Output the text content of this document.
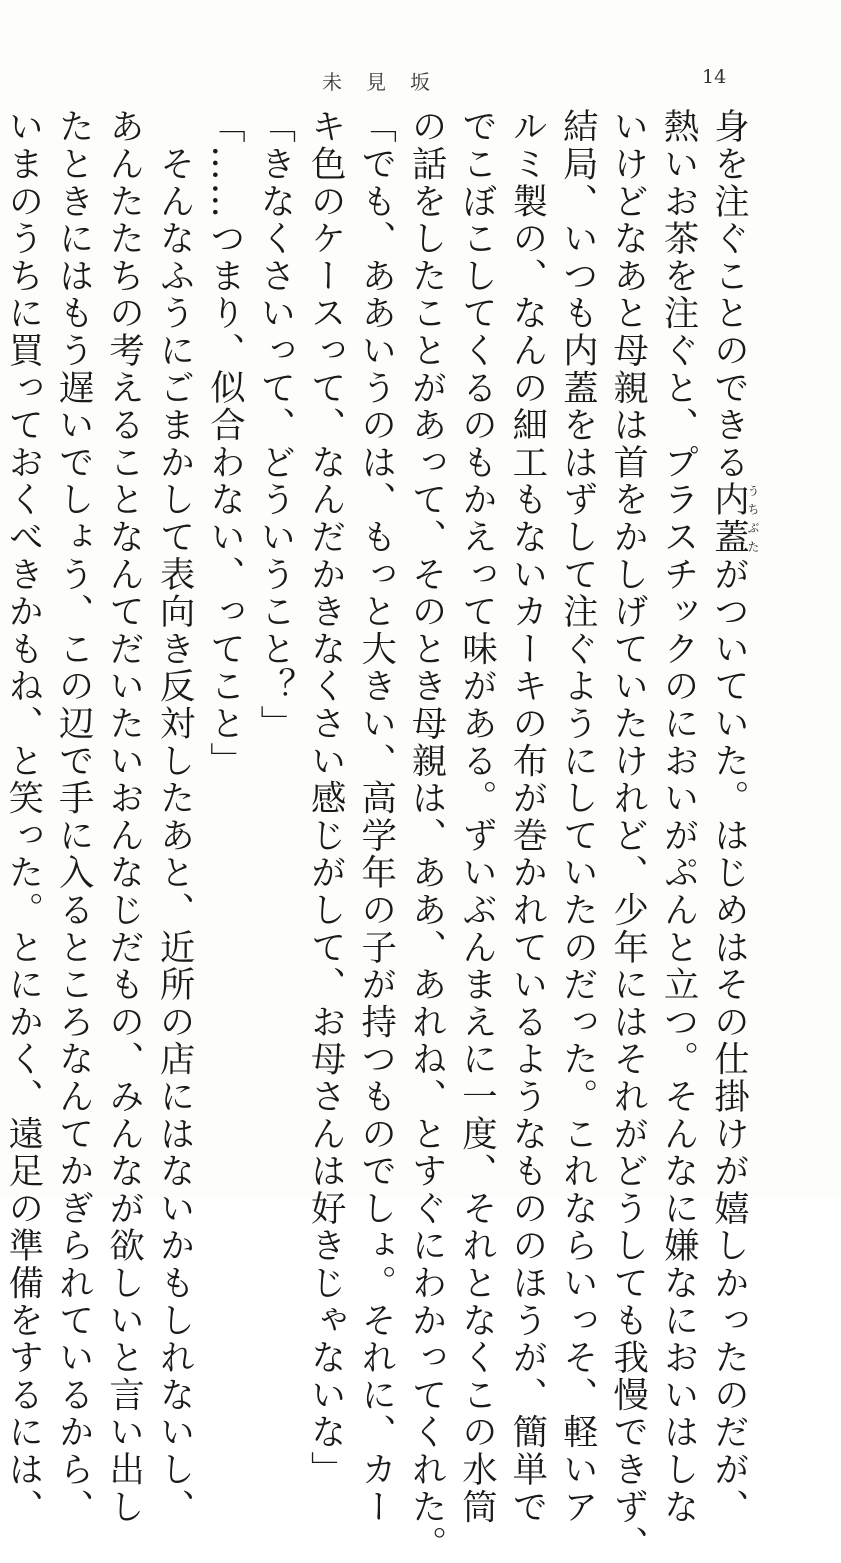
未見坂	14

身を注ぐことのできる内蓋うちぶたがついていた。はじめはその仕掛けが嬉しかったのだが、

熱いお茶を注ぐと、プラスチックのにおいがぷんと立つ。そんなに嫌なにおいはしな

いけどなあと母親は首をかしげていたけれど、少年にはそれがどうしても我慢できず、

結局、いつも内蓋をはずして注ぐようにしていたのだった。これならいっそ、軽いア

ルミ製の、なんの細工もないカーキの布が巻かれているようなもののほうが、簡単で

でこぼこしてくるのもかえって味がある。ずいぶんまえに一度、それとなくこの水筒

の話をしたことがあって、そのとき母親は、ああ、あれね、とすぐにわかってくれた。

「でも、ああいうのは、もっと大きい、高学年の子が持つものでしょ。それに、カー

キ色のケースって、なんだかきなくさい感じがして、お母さんは好きじゃないな」

「きなくさいって、どういうこと？」

「……つまり、似合わない、ってこと」

　そんなふうにごまかして表向き反対したあと、近所の店にはないかもしれないし、

あんたたちの考えることなんてだいたいおんなじだもの、みんなが欲しいと言い出し

たときにはもう遅いでしょう、この辺で手に入るところなんてかぎられているから、

いまのうちに買っておくべきかもね、と笑った。とにかく、遠足の準備をするには、
